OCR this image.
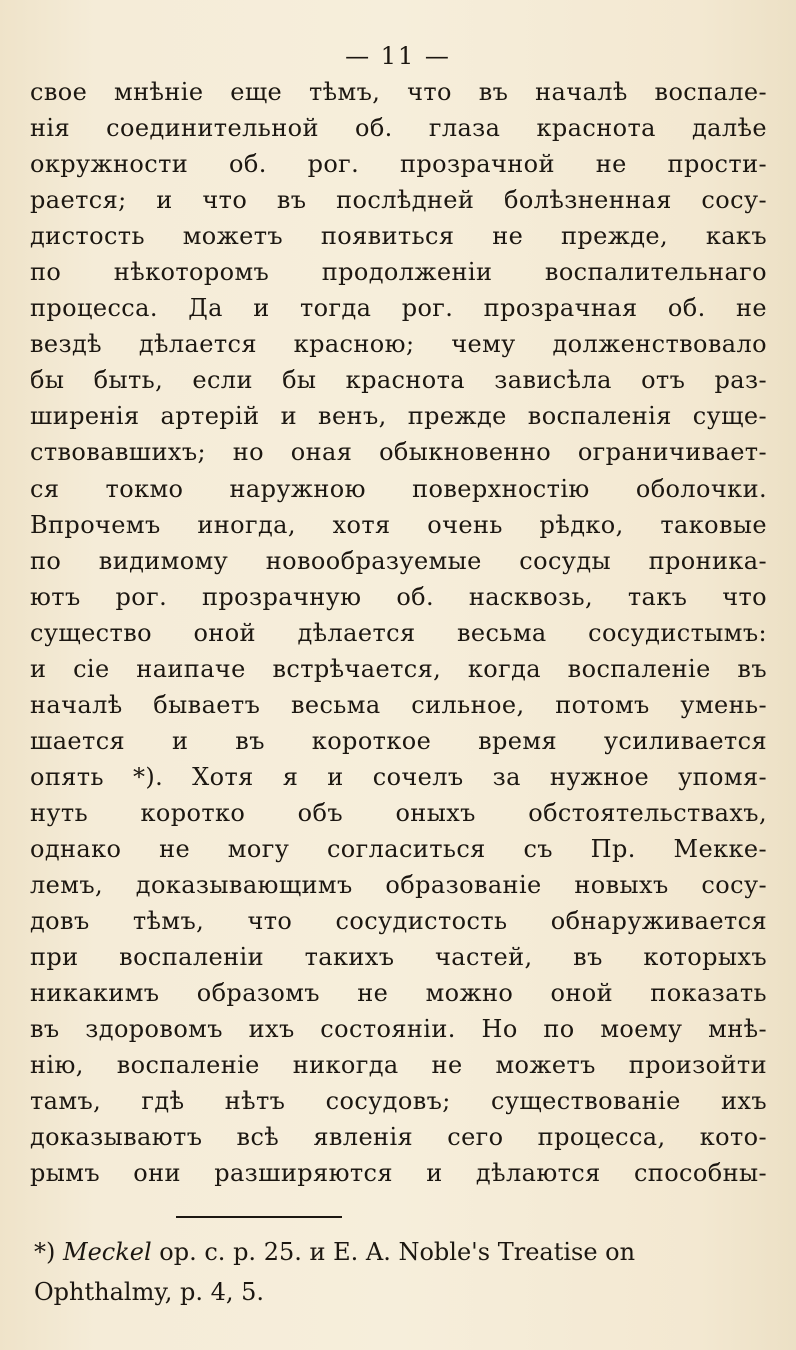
— 11 —
свое мнѣніе еще тѣмъ, что въ началѣ воспале-
нія соединительной об. глаза краснота далѣе
окружности об. рог. прозрачной не прости-
рается; и что въ послѣдней болѣзненная сосу-
дистость можетъ появиться не прежде, какъ
по нѣкоторомъ продолженіи воспалительнаго
процесса. Да и тогда рог. прозрачная об. не
вездѣ дѣлается красною; чему долженствовало
бы быть, если бы краснота зависѣла отъ раз-
ширенія артерій и венъ, прежде воспаленія суще-
ствовавшихъ; но оная обыкновенно ограничивает-
ся токмо наружною поверхностію оболочки.
Впрочемъ иногда, хотя очень рѣдко, таковые
по видимому новообразуемые сосуды проника-
ютъ рог. прозрачную об. насквозь, такъ что
существо оной дѣлается весьма сосудистымъ:
и сіе наипаче встрѣчается, когда воспаленіе въ
началѣ бываетъ весьма сильное, потомъ умень-
шается и въ короткое время усиливается
опять *). Хотя я и сочелъ за нужное упомя-
нуть коротко объ оныхъ обстоятельствахъ,
однако не могу согласиться съ Пр. Мекке-
лемъ, доказывающимъ образованіе новыхъ сосу-
довъ тѣмъ, что сосудистость обнаруживается
при воспаленіи такихъ частей, въ которыхъ
никакимъ образомъ не можно оной показать
въ здоровомъ ихъ состояніи. Но по моему мнѣ-
нію, воспаленіе никогда не можетъ произойти
тамъ, гдѣ нѣтъ сосудовъ; существованіе ихъ
доказываютъ всѣ явленія сего процесса, кото-
рымъ они разширяются и дѣлаются способны-
*) Meckel op. c. p. 25. и E. A. Noble's Treatise on
Ophthalmy, p. 4, 5.
